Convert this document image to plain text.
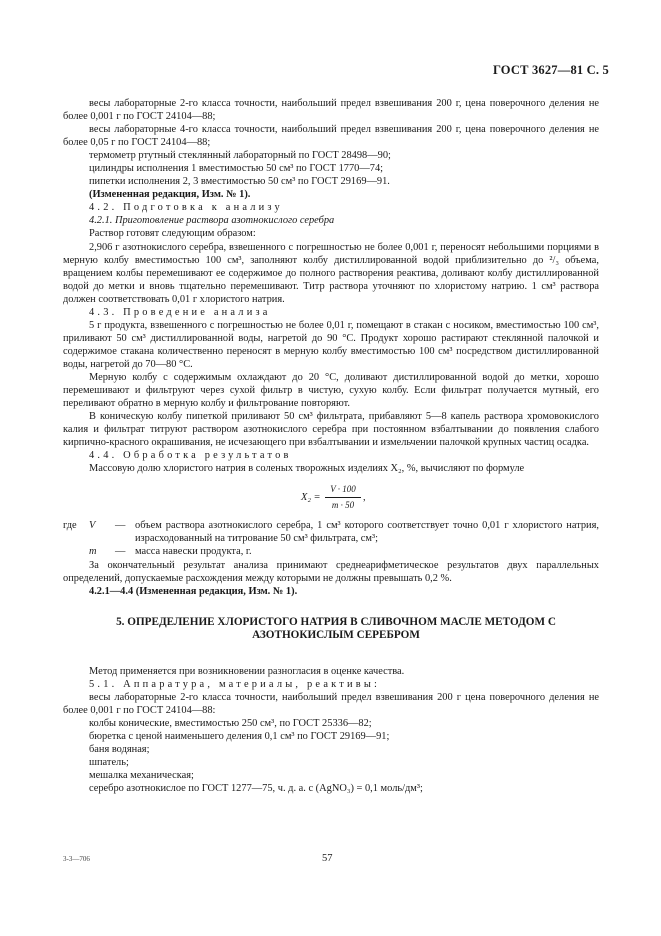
ГОСТ 3627—81 С. 5

весы лабораторные 2-го класса точности, наибольший предел взвешивания 200 г, цена поверочного деления не более 0,001 г по ГОСТ 24104—88;

весы лабораторные 4-го класса точности, наибольший предел взвешивания 200 г, цена поверочного деления не более 0,05 г по ГОСТ 24104—88;

термометр ртутный стеклянный лабораторный по ГОСТ 28498—90;

цилиндры исполнения 1 вместимостью 50 см³ по ГОСТ 1770—74;

пипетки исполнения 2, 3 вместимостью 50 см³ по ГОСТ 29169—91.

(Измененная редакция, Изм. № 1).

4.2. Подготовка к анализу

4.2.1. Приготовление раствора азотнокислого серебра

Раствор готовят следующим образом:

2,906 г азотнокислого серебра, взвешенного с погрешностью не более 0,001 г, переносят небольшими порциями в мерную колбу вместимостью 100 см³, заполняют колбу дистиллированной водой приблизительно до ²/₃ объема, вращением колбы перемешивают ее содержимое до полного растворения реактива, доливают колбу дистиллированной водой до метки и вновь тщательно перемешивают. Титр раствора уточняют по хлористому натрию. 1 см³ раствора должен соответствовать 0,01 г хлористого натрия.

4.3. Проведение анализа

5 г продукта, взвешенного с погрешностью не более 0,01 г, помещают в стакан с носиком, вместимостью 100 см³, приливают 50 см³ дистиллированной воды, нагретой до 90 °С. Продукт хорошо растирают стеклянной палочкой и содержимое стакана количественно переносят в мерную колбу вместимостью 100 см³ посредством дистиллированной воды, нагретой до 70—80 °С.

Мерную колбу с содержимым охлаждают до 20 °С, доливают дистиллированной водой до метки, хорошо перемешивают и фильтруют через сухой фильтр в чистую, сухую колбу. Если фильтрат получается мутный, его переливают обратно в мерную колбу и фильтрование повторяют.

В коническую колбу пипеткой приливают 50 см³ фильтрата, прибавляют 5—8 капель раствора хромовокислого калия и фильтрат титруют раствором азотнокислого серебра при постоянном взбалтывании до появления слабого кирпично-красного окрашивания, не исчезающего при взбалтывании и измельчении палочкой крупных частиц осадка.

4.4. Обработка результатов

Массовую долю хлористого натрия в соленых творожных изделиях X₂, %, вычисляют по формуле

$X_2 = \frac{V \cdot 100}{m \cdot 50}$ ,
где	V	— объем раствора азотнокислого серебра, 1 см³ которого соответствует точно 0,01 г хлористого натрия, израсходованный на титрование 50 см³ фильтрата, см³;
m	— масса навески продукта, г.

За окончательный результат анализа принимают среднеарифметическое результатов двух параллельных определений, допускаемые расхождения между которыми не должны превышать 0,2 %.

4.2.1—4.4 (Измененная редакция, Изм. № 1).

5. ОПРЕДЕЛЕНИЕ ХЛОРИСТОГО НАТРИЯ В СЛИВОЧНОМ МАСЛЕ МЕТОДОМ С АЗОТНОКИСЛЫМ СЕРЕБРОМ

Метод применяется при возникновении разногласия в оценке качества.

5.1. Аппаратура, материалы, реактивы:

весы лабораторные 2-го класса точности, наибольший предел взвешивания 200 г цена поверочного деления не более 0,001 г по ГОСТ 24104—88:

колбы конические, вместимостью 250 см³, по ГОСТ 25336—82;

бюретка с ценой наименьшего деления 0,1 см³ по ГОСТ 29169—91;

баня водяная;

шпатель;

мешалка механическая;

серебро азотнокислое по ГОСТ 1277—75, ч. д. а. с (AgNO₃) = 0,1 моль/дм³;

3-3—706	57
